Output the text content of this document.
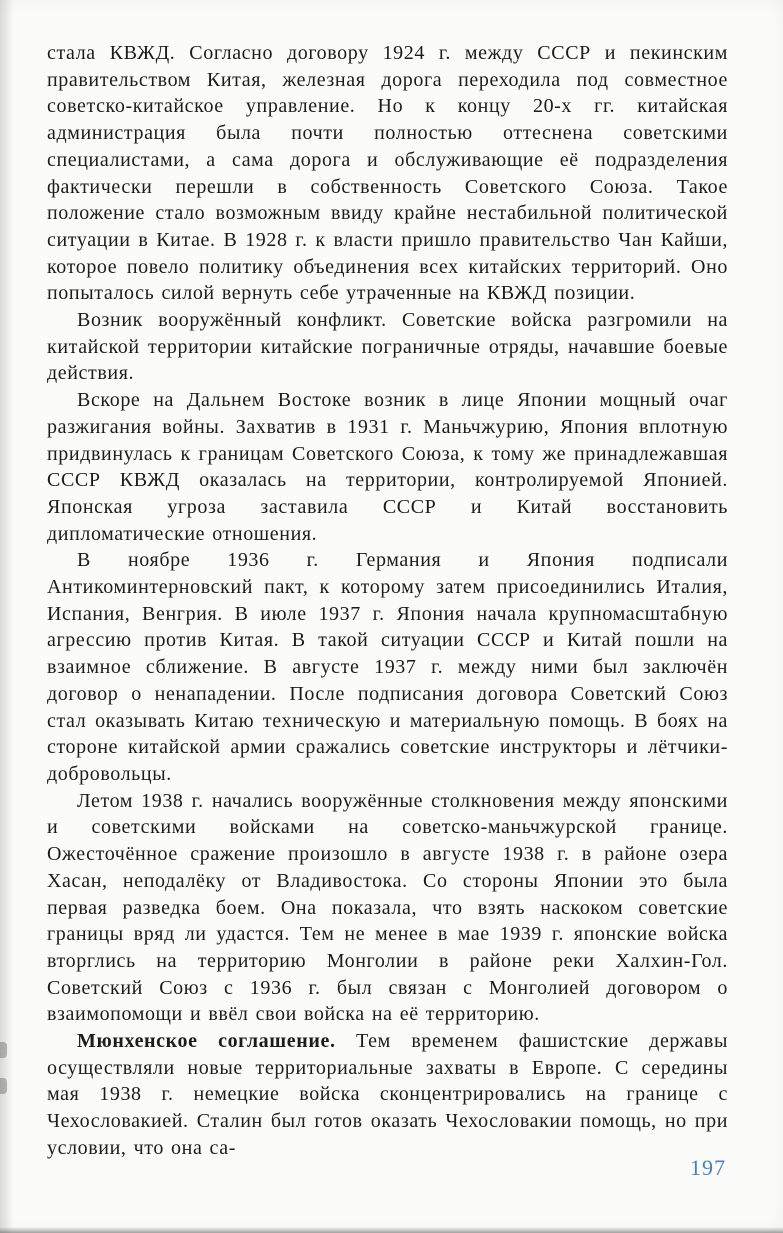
стала КВЖД. Согласно договору 1924 г. между СССР и пекинским правительством Китая, железная дорога переходила под совместное советско-китайское управление. Но к концу 20-х гг. китайская администрация была почти полностью оттеснена советскими специалистами, а сама дорога и обслуживающие её подразделения фактически перешли в собственность Советского Союза. Такое положение стало возможным ввиду крайне нестабильной политической ситуации в Китае. В 1928 г. к власти пришло правительство Чан Кайши, которое повело политику объединения всех китайских территорий. Оно попыталось силой вернуть себе утраченные на КВЖД позиции.

Возник вооружённый конфликт. Советские войска разгромили на китайской территории китайские пограничные отряды, начавшие боевые действия.

Вскоре на Дальнем Востоке возник в лице Японии мощный очаг разжигания войны. Захватив в 1931 г. Маньчжурию, Япония вплотную придвинулась к границам Советского Союза, к тому же принадлежавшая СССР КВЖД оказалась на территории, контролируемой Японией. Японская угроза заставила СССР и Китай восстановить дипломатические отношения.

В ноябре 1936 г. Германия и Япония подписали Антикоминтерновский пакт, к которому затем присоединились Италия, Испания, Венгрия. В июле 1937 г. Япония начала крупномасштабную агрессию против Китая. В такой ситуации СССР и Китай пошли на взаимное сближение. В августе 1937 г. между ними был заключён договор о ненападении. После подписания договора Советский Союз стал оказывать Китаю техническую и материальную помощь. В боях на стороне китайской армии сражались советские инструкторы и лётчики-добровольцы.

Летом 1938 г. начались вооружённые столкновения между японскими и советскими войсками на советско-маньчжурской границе. Ожесточённое сражение произошло в августе 1938 г. в районе озера Хасан, неподалёку от Владивостока. Со стороны Японии это была первая разведка боем. Она показала, что взять наскоком советские границы вряд ли удастся. Тем не менее в мае 1939 г. японские войска вторглись на территорию Монголии в районе реки Халхин-Гол. Советский Союз с 1936 г. был связан с Монголией договором о взаимопомощи и ввёл свои войска на её территорию.

Мюнхенское соглашение. Тем временем фашистские державы осуществляли новые территориальные захваты в Европе. С середины мая 1938 г. немецкие войска сконцентрировались на границе с Чехословакией. Сталин был готов оказать Чехословакии помощь, но при условии, что она са-

197
